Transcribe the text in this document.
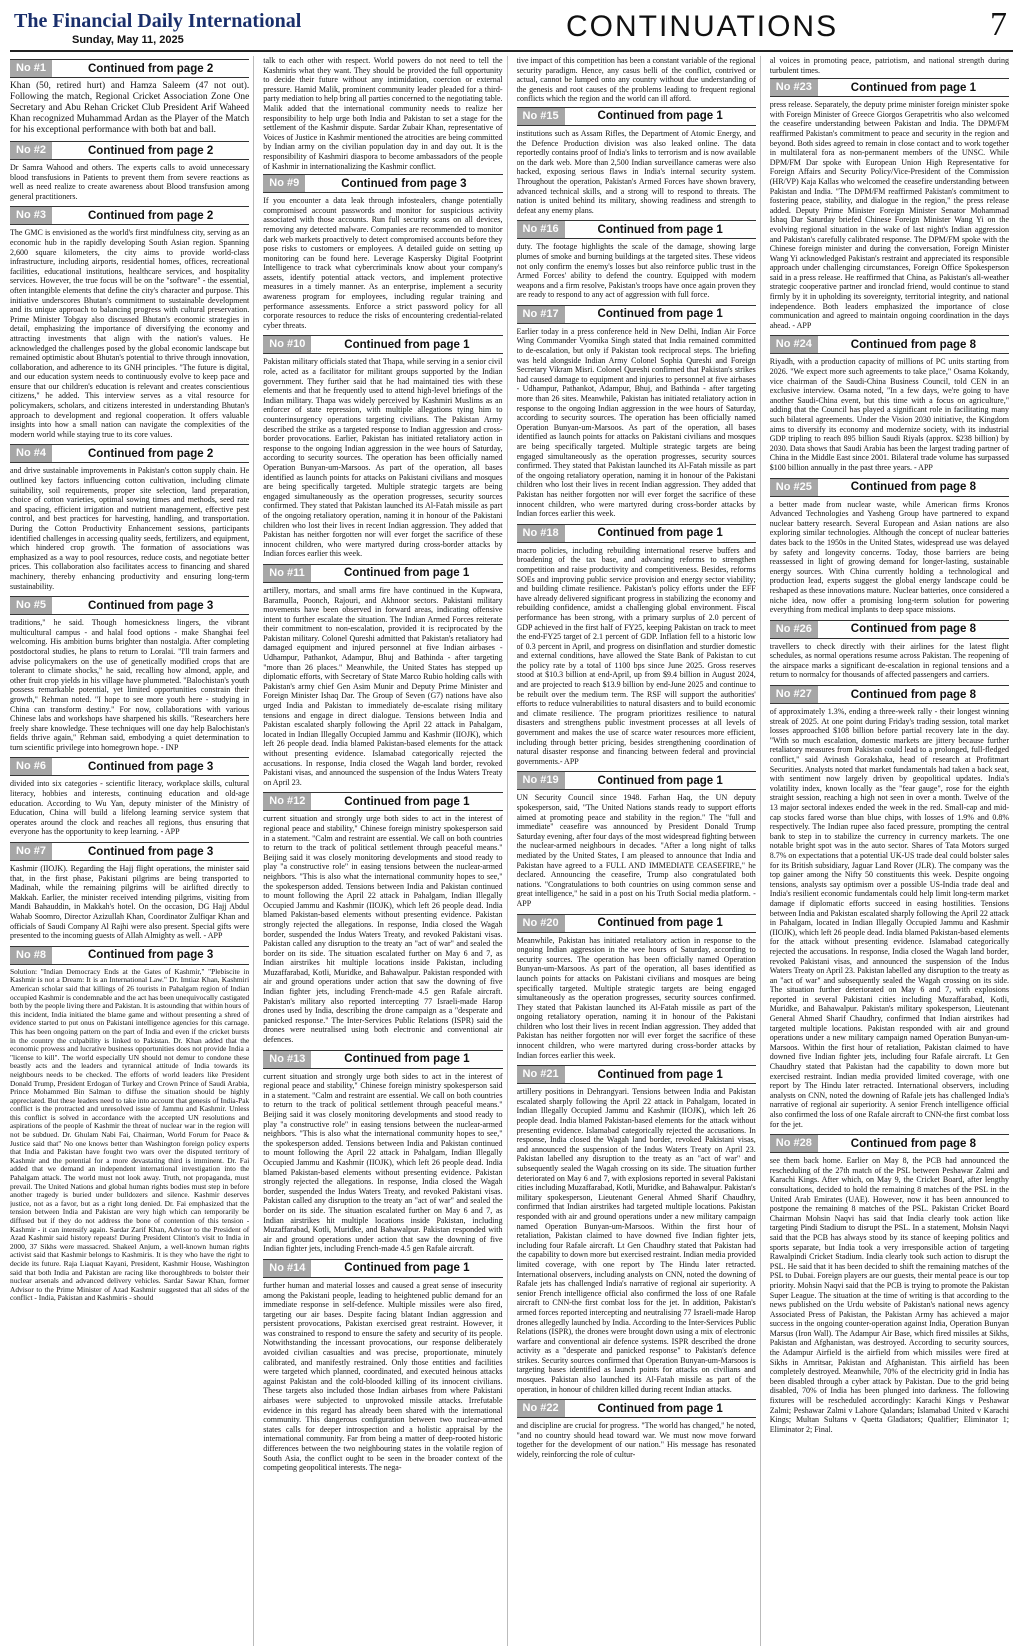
The Financial Daily International
Sunday, May 11, 2025	CONTINUATIONS	7
No #1	Continued from page 2

Khan (50, retired hurt) and Hamza Saleem (47 not out). Following the match, Regional Cricket Association Zone One Secretary and Abu Rehan Cricket Club President Arif Waheed Khan recognized Muhammad Ardan as the Player of the Match for his exceptional performance with both bat and ball.

No #2	Continued from page 2

Dr Samra Wahood and others. The experts calls to avoid unnecessary blood transfusions in Patients to prevent them from severe reactions as well as need realize to create awareness about Blood transfusion among general practitioners.

No #3	Continued from page 2

The GMC is envisioned as the world's first mindfulness city, serving as an economic hub in the rapidly developing South Asian region. Spanning 2,600 square kilometers, the city aims to provide world-class infrastructure, including airports, residential homes, offices, recreational facilities, educational institutions, healthcare services, and hospitality services. However, the true focus will be on the "software" - the essential, often intangible elements that define the city's character and purpose. This initiative underscores Bhutan's commitment to sustainable development and its unique approach to balancing progress with cultural preservation. Prime Minister Tobgay also discussed Bhutan's economic strategies in detail, emphasizing the importance of diversifying the economy and attracting investments that align with the nation's values. He acknowledged the challenges posed by the global economic landscape but remained optimistic about Bhutan's potential to thrive through innovation, collaboration, and adherence to its GNH principles. "The future is digital, and our education system needs to continuously evolve to keep pace and ensure that our children's education is relevant and creates conscientious citizens," he added. This interview serves as a vital resource for policymakers, scholars, and citizens interested in understanding Bhutan's approach to development and regional cooperation. It offers valuable insights into how a small nation can navigate the complexities of the modern world while staying true to its core values.

No #4	Continued from page 2

and drive sustainable improvements in Pakistan's cotton supply chain. He outlined key factors influencing cotton cultivation, including climate suitability, soil requirements, proper site selection, land preparation, choice of cotton varieties, optimal sowing times and methods, seed rate and spacing, efficient irrigation and nutrient management, effective pest control, and best practices for harvesting, handling, and transportation. During the Cotton Productivity Enhancement sessions, participants identified challenges in accessing quality seeds, fertilizers, and equipment, which hindered crop growth. The formation of associations was emphasized as a way to pool resources, reduce costs, and negotiate better prices. This collaboration also facilitates access to financing and shared machinery, thereby enhancing productivity and ensuring long-term sustainability.

No #5	Continued from page 3

traditions," he said. Though homesickness lingers, the vibrant multicultural campus - and halal food options - make Shanghai feel welcoming. His ambition burns brighter than nostalgia. After completing postdoctoral studies, he plans to return to Loralai. "I'll train farmers and advise policymakers on the use of genetically modified crops that are tolerant to climate shocks," he said, recalling how almond, apple, and other fruit crop yields in his village have plummeted. "Balochistan's youth possess remarkable potential, yet limited opportunities constrain their growth," Rehman noted. "I hope to see more youth here - studying in China can transform destiny." For now, collaborations with various Chinese labs and workshops have sharpened his skills. "Researchers here freely share knowledge. These techniques will one day help Balochistan's fields thrive again," Rehman said, embodying a quiet determination to turn scientific privilege into homegrown hope. - INP

No #6	Continued from page 3

divided into six categories - scientific literacy, workplace skills, cultural literacy, hobbies and interests, continuing education and old-age education. According to Wu Yan, deputy minister of the Ministry of Education, China will build a lifelong learning service system that operates around the clock and reaches all regions, thus ensuring that everyone has the opportunity to keep learning. - APP

No #7	Continued from page 3

Kashmir (IIOJK). Regarding the Hajj flight operations, the minister said that, in the first phase, Pakistani pilgrims are being transported to Madinah, while the remaining pilgrims will be airlifted directly to Makkah. Earlier, the minister received intending pilgrims, visiting from Mandi Bahauddin, in Makkah's hotel. On the occasion, DG Hajj Abdul Wahab Soomro, Director Azizullah Khan, Coordinator Zulfiqar Khan and officials of Saudi Company Al Rajhi were also present. Special gifts were presented to the incoming guests of Allah Almighty as well. - APP

No #8	Continued from page 3

Solution: "Indian Democracy Ends at the Gates of Kashmir," "Plebiscite in Kashmir is not a Dream: It is an International Law." Dr. Imtiaz Khan, Kashmiri American scholar said that killings of 26 tourists in Pahalgam region of Indian occupied Kashmir is condemnable and the act has been unequivocally castigated both by the people living there and Pakistan. It is astounding that within hours of this incident, India initiated the blame game and without presenting a shred of evidence started to put onus on Pakistani intelligence agencies for this carnage. This has been ongoing pattern on the part of India and even if the cricket bursts in the country the culpability is linked to Pakistan. Dr. Khan added that the economic prowess and lucrative business opportunities does not provide India a "license to kill". The world especially UN should not demur to condone these beastly acts and the leaders and tyrannical attitude of India towards its neighbours needs to be checked. The efforts of world leaders like President Donald Trump, President Erdogan of Turkey and Crown Prince of Saudi Arabia, Prince Mohammed Bin Salman to diffuse the situation should be highly appreciated. But these leaders need to take into account that genesis of India-Pak conflict is the protracted and unresolved issue of Jammu and Kashmir. Unless this conflict is solved in accordance with the accepted UN resolutions and aspirations of the people of Kashmir the threat of nuclear war in the region will not be subdued. Dr. Ghulam Nabi Fai, Chairman, World Forum for Peace & Justice said that" No one knows better than Washington foreign policy experts that India and Pakistan have fought two wars over the disputed territory of Kashmir and the potential for a more devastating third is imminent. Dr. Fai added that we demand an independent international investigation into the Pahalgam attack. The world must not look away. Truth, not propaganda, must prevail. The United Nations and global human rights bodies must step in before another tragedy is buried under bulldozers and silence. Kashmir deserves justice, not as a favor, but as a right long denied. Dr. Fai emphasized that the tension between India and Pakistan are very high which can temporarily be diffused but if they do not address the bone of contention of this tension - Kashmir - it can intensify again. Sardar Zarif Khan, Advisor to the President of Azad Kashmir said history repeats! During President Clinton's visit to India in 2000, 37 Sikhs were massacred. Shakeel Anjum, a well-known human rights activist said that Kashmir belongs to Kashmiris. It is they who have the right to decide its future. Raja Liaquat Kayani, President, Kashmir House, Washington said that both India and Pakistan are racing like thoroughbreds to bolster their nuclear arsenals and advanced delivery vehicles. Sardar Sawar Khan, former Advisor to the Prime Minister of Azad Kashmir suggested that all sides of the conflict - India, Pakistan and Kashmiris - should

talk to each other with respect. World powers do not need to tell the Kashmiris what they want. They should be provided the full opportunity to decide their future without any intimidation, coercion or external pressure. Hamid Malik, prominent community leader pleaded for a third-party mediation to help bring all parties concerned to the negotiating table. Malik added that the international community needs to realize her responsibility to help urge both India and Pakistan to set a stage for the settlement of the Kashmir dispute. Sardar Zubair Khan, representative of Voices of Justice in Kashmir mentioned the atrocities are being committed by Indian army on the civilian population day in and day out. It is the responsibility of Kashmiri diaspora to become ambassadors of the people of Kashmir in internationalizing the Kashmir conflict.

No #9	Continued from page 3

If you encounter a data leak through infostealers, change potentially compromised account passwords and monitor for suspicious activity associated with those accounts. Run full security scans on all devices, removing any detected malware. Companies are recommended to monitor dark web markets proactively to detect compromised accounts before they pose risks to customers or employees. A detailed guide on setting up monitoring can be found here. Leverage Kaspersky Digital Footprint Intelligence to track what cybercriminals know about your company's assets, identify potential attack vectors, and implement protective measures in a timely manner. As an enterprise, implement a security awareness program for employees, including regular training and performance assessments. Enforce a strict password policy for all corporate resources to reduce the risks of encountering credential-related cyber threats.

No #10	Continued from page 1

Pakistan military officials stated that Thapa, while serving in a senior civil role, acted as a facilitator for militant groups supported by the Indian government. They further said that he had maintained ties with these elements and that he frequently used to attend high-level briefings of the Indian military. Thapa was widely perceived by Kashmiri Muslims as an enforcer of state repression, with multiple allegations tying him to counterinsurgency operations targeting civilians. The Pakistan Army described the strike as a targeted response to Indian aggression and cross-border provocations. Earlier, Pakistan has initiated retaliatory action in response to the ongoing Indian aggression in the wee hours of Saturday, according to security sources. The operation has been officially named Operation Bunyan-um-Marsoos. As part of the operation, all bases identified as launch points for attacks on Pakistani civilians and mosques are being specifically targeted. Multiple strategic targets are being engaged simultaneously as the operation progresses, security sources confirmed. They stated that Pakistan launched its Al-Fatah missile as part of the ongoing retaliatory operation, naming it in honour of the Pakistani children who lost their lives in recent Indian aggression. They added that Pakistan has neither forgotten nor will ever forget the sacrifice of these innocent children, who were martyred during cross-border attacks by Indian forces earlier this week.

No #11	Continued from page 1

artillery, mortars, and small arms fire have continued in the Kupwara, Baramulla, Poonch, Rajouri, and Akhnoor sectors. Pakistani military movements have been observed in forward areas, indicating offensive intent to further escalate the situation. The Indian Armed Forces reiterate their commitment to non-escalation, provided it is reciprocated by the Pakistan military. Colonel Qureshi admitted that Pakistan's retaliatory had damaged equipment and injured personnel at five Indian airbases - Udhampur, Pathankot, Adampur, Bhuj and Bathinda - after targeting "more than 26 places." Meanwhile, the United States has stepped up diplomatic efforts, with Secretary of State Marco Rubio holding calls with Pakistan's army chief Gen Asim Munir and Deputy Prime Minister and Foreign Minister Ishaq Dar. The Group of Seven (G7) nations have also urged India and Pakistan to immediately de-escalate rising military tensions and engage in direct dialogue. Tensions between India and Pakistan escalated sharply following the April 22 attack in Pahalgam, located in Indian Illegally Occupied Jammu and Kashmir (IIOJK), which left 26 people dead. India blamed Pakistan-based elements for the attack without presenting evidence. Islamabad categorically rejected the accusations. In response, India closed the Wagah land border, revoked Pakistani visas, and announced the suspension of the Indus Waters Treaty on April 23.

No #12	Continued from page 1

current situation and strongly urge both sides to act in the interest of regional peace and stability," Chinese foreign ministry spokesperson said in a statement. "Calm and restraint are essential. We call on both countries to return to the track of political settlement through peaceful means." Beijing said it was closely monitoring developments and stood ready to play "a constructive role" in easing tensions between the nuclear-armed neighbors. "This is also what the international community hopes to see," the spokesperson added. Tensions between India and Pakistan continued to mount following the April 22 attack in Pahalgam, Indian Illegally Occupied Jammu and Kashmir (IIOJK), which left 26 people dead. India blamed Pakistan-based elements without presenting evidence. Pakistan strongly rejected the allegations. In response, India closed the Wagah border, suspended the Indus Waters Treaty, and revoked Pakistani visas. Pakistan called any disruption to the treaty an "act of war" and sealed the border on its side. The situation escalated further on May 6 and 7, as Indian airstrikes hit multiple locations inside Pakistan, including Muzaffarabad, Kotli, Muridke, and Bahawalpur. Pakistan responded with air and ground operations under action that saw the downing of five Indian fighter jets, including French-made 4.5 gen Rafale aircraft. Pakistan's military also reported intercepting 77 Israeli-made Harop drones used by India, describing the drone campaign as a "desperate and panicked response." The Inter-Services Public Relations (ISPR) said the drones were neutralised using both electronic and conventional air defences.

No #13	Continued from page 1

current situation and strongly urge both sides to act in the interest of regional peace and stability," Chinese foreign ministry spokesperson said in a statement. "Calm and restraint are essential. We call on both countries to return to the track of political settlement through peaceful means." Beijing said it was closely monitoring developments and stood ready to play "a constructive role" in easing tensions between the nuclear-armed neighbors. "This is also what the international community hopes to see," the spokesperson added. Tensions between India and Pakistan continued to mount following the April 22 attack in Pahalgam, Indian Illegally Occupied Jammu and Kashmir (IIOJK), which left 26 people dead. India blamed Pakistan-based elements without presenting evidence. Pakistan strongly rejected the allegations. In response, India closed the Wagah border, suspended the Indus Waters Treaty, and revoked Pakistani visas. Pakistan called any disruption to the treaty an "act of war" and sealed the border on its side. The situation escalated further on May 6 and 7, as Indian airstrikes hit multiple locations inside Pakistan, including Muzaffarabad, Kotli, Muridke, and Bahawalpur. Pakistan responded with air and ground operations under action that saw the downing of five Indian fighter jets, including French-made 4.5 gen Rafale aircraft.

No #14	Continued from page 1

further human and material losses and caused a great sense of insecurity among the Pakistani people, leading to heightened public demand for an immediate response in self-defence. Multiple missiles were also fired, targeting our air bases. Despite facing blatant Indian aggression and persistent provocations, Pakistan exercised great restraint. However, it was constrained to respond to ensure the safety and security of its people. Notwithstanding the incessant provocations, our response deliberately avoided civilian casualties and was precise, proportionate, minutely calibrated, and manifestly restrained. Only those entities and facilities were targeted which planned, coordinated, and executed heinous attacks against Pakistan and the cold-blooded killing of its innocent civilians. These targets also included those Indian airbases from where Pakistani airbases were subjected to unprovoked missile attacks. Irrefutable evidence in this regard has already been shared with the international community. This dangerous configuration between two nuclear-armed states calls for deeper introspection and a holistic appraisal by the international community. Far from being a matter of deep-rooted historic differences between the two neighbouring states in the volatile region of South Asia, the conflict ought to be seen in the broader context of the competing geopolitical interests. The nega-

tive impact of this competition has been a constant variable of the regional security paradigm. Hence, any casus belli of the conflict, contrived or actual, cannot be lumped onto any country without due understanding of the genesis and root causes of the problems leading to frequent regional conflicts which the region and the world can ill afford.

No #15	Continued from page 1

institutions such as Assam Rifles, the Department of Atomic Energy, and the Defence Production division was also leaked online. The data reportedly contains proof of India's links to terrorism and is now available on the dark web. More than 2,500 Indian surveillance cameras were also hacked, exposing serious flaws in India's internal security system. Throughout the operation, Pakistan's Armed Forces have shown bravery, advanced technical skills, and a strong will to respond to threats. The nation is united behind its military, showing readiness and strength to defeat any enemy plans.

No #16	Continued from page 1

duty. The footage highlights the scale of the damage, showing large plumes of smoke and burning buildings at the targeted sites. These videos not only confirm the enemy's losses but also reinforce public trust in the Armed Forces' ability to defend the country. Equipped with modern weapons and a firm resolve, Pakistan's troops have once again proven they are ready to respond to any act of aggression with full force.

No #17	Continued from page 1

Earlier today in a press conference held in New Delhi, Indian Air Force Wing Commander Vyomika Singh stated that India remained committed to de-escalation, but only if Pakistan took reciprocal steps. The briefing was held alongside Indian Army Colonel Sophia Qureshi and Foreign Secretary Vikram Misri. Colonel Qureshi confirmed that Pakistan's strikes had caused damage to equipment and injuries to personnel at five airbases - Udhampur, Pathankot, Adampur, Bhuj, and Bathinda - after targeting more than 26 sites. Meanwhile, Pakistan has initiated retaliatory action in response to the ongoing Indian aggression in the wee hours of Saturday, according to security sources. The operation has been officially named Operation Bunyan-um-Marsoos. As part of the operation, all bases identified as launch points for attacks on Pakistani civilians and mosques are being specifically targeted. Multiple strategic targets are being engaged simultaneously as the operation progresses, security sources confirmed. They stated that Pakistan launched its Al-Fatah missile as part of the ongoing retaliatory operation, naming it in honour of the Pakistani children who lost their lives in recent Indian aggression. They added that Pakistan has neither forgotten nor will ever forget the sacrifice of these innocent children, who were martyred during cross-border attacks by Indian forces earlier this week.

No #18	Continued from page 1

macro policies, including rebuilding international reserve buffers and broadening of the tax base, and advancing reforms to strengthen competition and raise productivity and competitiveness. Besides, reforms SOEs and improving public service provision and energy sector viability; and building climate resilience. Pakistan's policy efforts under the EFF have already delivered significant progress in stabilizing the economy and rebuilding confidence, amidst a challenging global environment. Fiscal performance has been strong, with a primary surplus of 2.0 percent of GDP achieved in the first half of FY25, keeping Pakistan on track to meet the end-FY25 target of 2.1 percent of GDP. Inflation fell to a historic low of 0.3 percent in April, and progress on disinflation and sturdier domestic and external conditions, have allowed the State Bank of Pakistan to cut the policy rate by a total of 1100 bps since June 2025. Gross reserves stood at $10.3 billion at end-April, up from $9.4 billion in August 2024, and are projected to reach $13.9 billion by end-June 2025 and continue to be rebuilt over the medium term. The RSF will support the authorities' efforts to reduce vulnerabilities to natural disasters and to build economic and climate resilience. The program prioritizes resilience to natural disasters and strengthens public investment processes at all levels of government and makes the use of scarce water resources more efficient, including through better pricing, besides strengthening coordination of natural disaster response and financing between federal and provincial governments.- APP

No #19	Continued from page 1

UN Security Council since 1948. Farhan Haq, the UN deputy spokesperson, said, "The United Nations stands ready to support efforts aimed at promoting peace and stability in the region." The "full and immediate" ceasefire was announced by President Donald Trump Saturday evening, after four days of the most widespread fighting between the nuclear-armed neighbours in decades. "After a long night of talks mediated by the United States, I am pleased to announce that India and Pakistan have agreed to a FULL AND IMMEDIATE CEASEFIRE," he declared. Announcing the ceasefire, Trump also congratulated both nations. "Congratulations to both countries on using common sense and great intelligence," he said in a post on his Truth Social media platform. - APP

No #20	Continued from page 1

Meanwhile, Pakistan has initiated retaliatory action in response to the ongoing Indian aggression in the wee hours of Saturday, according to security sources. The operation has been officially named Operation Bunyan-um-Marsoos. As part of the operation, all bases identified as launch points for attacks on Pakistani civilians and mosques are being specifically targeted. Multiple strategic targets are being engaged simultaneously as the operation progresses, security sources confirmed. They stated that Pakistan launched its Al-Fatah missile as part of the ongoing retaliatory operation, naming it in honour of the Pakistani children who lost their lives in recent Indian aggression. They added that Pakistan has neither forgotten nor will ever forget the sacrifice of these innocent children, who were martyred during cross-border attacks by Indian forces earlier this week.

No #21	Continued from page 1

artillery positions in Dehrangyari. Tensions between India and Pakistan escalated sharply following the April 22 attack in Pahalgam, located in Indian Illegally Occupied Jammu and Kashmir (IIOJK), which left 26 people dead. India blamed Pakistan-based elements for the attack without presenting evidence. Islamabad categorically rejected the accusations. In response, India closed the Wagah land border, revoked Pakistani visas, and announced the suspension of the Indus Waters Treaty on April 23. Pakistan labelled any disruption to the treaty as an "act of war" and subsequently sealed the Wagah crossing on its side. The situation further deteriorated on May 6 and 7, with explosions reported in several Pakistani cities including Muzaffarabad, Kotli, Muridke, and Bahawalpur. Pakistan's military spokesperson, Lieutenant General Ahmed Sharif Chaudhry, confirmed that Indian airstrikes had targeted multiple locations. Pakistan responded with air and ground operations under a new military campaign named Operation Bunyan-um-Marsoos. Within the first hour of retaliation, Pakistan claimed to have downed five Indian fighter jets, including four Rafale aircraft. Lt Gen Chaudhry stated that Pakistan had the capability to down more but exercised restraint. Indian media provided limited coverage, with one report by The Hindu later retracted. International observers, including analysts on CNN, noted the downing of Rafale jets has challenged India's narrative of regional air superiority. A senior French intelligence official also confirmed the loss of one Rafale aircraft to CNN-the first combat loss for the jet. In addition, Pakistan's armed forces reported intercepting and neutralising 77 Israeli-made Harop drones allegedly launched by India. According to the Inter-Services Public Relations (ISPR), the drones were brought down using a mix of electronic warfare and conventional air defence systems. ISPR described the drone activity as a "desperate and panicked response" to Pakistan's defence strikes. Security sources confirmed that Operation Bunyan-um-Marsoos is targeting bases identified as launch points for attacks on civilians and mosques. Pakistan also launched its Al-Fatah missile as part of the operation, in honour of children killed during recent Indian attacks.

No #22	Continued from page 1

and discipline are crucial for progress. "The world has changed," he noted, "and no country should head toward war. We must now move forward together for the development of our nation." His message has resonated widely, reinforcing the role of cultur-

al voices in promoting peace, patriotism, and national strength during turbulent times.

No #23	Continued from page 1

press release. Separately, the deputy prime minister foreign minister spoke with Foreign Minister of Greece Giorgos Gerapetritis who also welcomed the ceasefire understanding between Pakistan and India. The DPM/FM reaffirmed Pakistan's commitment to peace and security in the region and beyond. Both sides agreed to remain in close contact and to work together in multilateral fora as non-permanent members of the UNSC. While DPM/FM Dar spoke with European Union High Representative for Foreign Affairs and Security Policy/Vice-President of the Commission (HR/VP) Kaja Kallas who welcomed the ceasefire understanding between Pakistan and India. "The DPM/FM reaffirmed Pakistan's commitment to fostering peace, stability, and dialogue in the region," the press release added. Deputy Prime Minister Foreign Minister Senator Mohammad Ishaq Dar Saturday briefed Chinese Foreign Minister Wang Yi on the evolving regional situation in the wake of last night's Indian aggression and Pakistan's carefully calibrated response. The DPM/FM spoke with the Chinese foreign minister and during the conversation, Foreign Minister Wang Yi acknowledged Pakistan's restraint and appreciated its responsible approach under challenging circumstances, Foreign Office Spokesperson said in a press release. He reaffirmed that China, as Pakistan's all-weather strategic cooperative partner and ironclad friend, would continue to stand firmly by it in upholding its sovereignty, territorial integrity, and national independence. Both leaders emphasized the importance of close communication and agreed to maintain ongoing coordination in the days ahead. - APP

No #24	Continued from page 8

Riyadh, with a production capacity of millions of PC units starting from 2026. "We expect more such agreements to take place," Osama Kokandy, vice chairman of the Saudi-China Business Council, told CEN in an exclusive interview. Osama noted, "In a few days, we're going to have another Saudi-China event, but this time with a focus on agriculture," adding that the Council has played a significant role in facilitating many such bilateral agreements. Under the Vision 2030 initiative, the Kingdom aims to diversify its economy and modernize society, with its industrial GDP tripling to reach 895 billion Saudi Riyals (approx. $238 billion) by 2030. Data shows that Saudi Arabia has been the largest trading partner of China in the Middle East since 2001. Bilateral trade volume has surpassed $100 billion annually in the past three years. - APP

No #25	Continued from page 8

a better made from nuclear waste, while American firms Kronos Advanced Technologies and Yasheng Group have partnered to expand nuclear battery research. Several European and Asian nations are also exploring similar technologies. Although the concept of nuclear batteries dates back to the 1950s in the United States, widespread use was delayed by safety and longevity concerns. Today, those barriers are being reassessed in light of growing demand for longer-lasting, sustainable energy sources. With China currently holding a technological and production lead, experts suggest the global energy landscape could be reshaped as these innovations mature. Nuclear batteries, once considered a niche idea, now offer a promising long-term solution for powering everything from medical implants to deep space missions.

No #26	Continued from page 8

travellers to check directly with their airlines for the latest flight schedules, as normal operations resume across Pakistan. The reopening of the airspace marks a significant de-escalation in regional tensions and a return to normalcy for thousands of affected passengers and carriers.

No #27	Continued from page 8

of approximately 1.3%, ending a three-week rally - their longest winning streak of 2025. At one point during Friday's trading session, total market losses approached $108 billion before partial recovery late in the day. "With so much escalation, domestic markets are jittery because further retaliatory measures from Pakistan could lead to a prolonged, full-fledged conflict," said Avinash Gorakshaka, head of research at Profitmart Securities. Analysts noted that market fundamentals had taken a back seat, with sentiment now largely driven by geopolitical updates. India's volatility index, known locally as the "fear gauge", rose for the eighth straight session, reaching a high not seen in over a month. Twelve of the 13 major sectoral indexes ended the week in the red. Small-cap and mid-cap stocks fared worse than blue chips, with losses of 1.9% and 0.8% respectively. The Indian rupee also faced pressure, prompting the central bank to step in to stabilize the currency in currency markets. The one notable bright spot was in the auto sector. Shares of Tata Motors surged 8.7% on expectations that a potential UK-US trade deal could bolster sales for its British subsidiary, Jaguar Land Rover (JLR). The company was the top gainer among the Nifty 50 constituents this week. Despite ongoing tensions, analysts say optimism over a possible US-India trade deal and India's resilient economic fundamentals could help limit long-term market damage if diplomatic efforts succeed in easing hostilities. Tensions between India and Pakistan escalated sharply following the April 22 attack in Pahalgam, located in Indian Illegally Occupied Jammu and Kashmir (IIOJK), which left 26 people dead. India blamed Pakistan-based elements for the attack without presenting evidence. Islamabad categorically rejected the accusations. In response, India closed the Wagah land border, revoked Pakistani visas, and announced the suspension of the Indus Waters Treaty on April 23. Pakistan labelled any disruption to the treaty as an "act of war" and subsequently sealed the Wagah crossing on its side. The situation further deteriorated on May 6 and 7, with explosions reported in several Pakistani cities including Muzaffarabad, Kotli, Muridke, and Bahawalpur. Pakistan's military spokesperson, Lieutenant General Ahmed Sharif Chaudhry, confirmed that Indian airstrikes had targeted multiple locations. Pakistan responded with air and ground operations under a new military campaign named Operation Bunyan-um-Marsoos. Within the first hour of retaliation, Pakistan claimed to have downed five Indian fighter jets, including four Rafale aircraft. Lt Gen Chaudhry stated that Pakistan had the capability to down more but exercised restraint. Indian media provided limited coverage, with one report by The Hindu later retracted. International observers, including analysts on CNN, noted the downing of Rafale jets has challenged India's narrative of regional air superiority. A senior French intelligence official also confirmed the loss of one Rafale aircraft to CNN-the first combat loss for the jet.

No #28	Continued from page 8

see them back home. Earlier on May 8, the PCB had announced the rescheduling of the 27th match of the PSL between Peshawar Zalmi and Karachi Kings. After which, on May 9, the Cricket Board, after lengthy consultations, decided to hold the remaining 8 matches of the PSL in the United Arab Emirates (UAE). However, now it has been announced to postpone the remaining 8 matches of the PSL. Pakistan Cricket Board Chairman Mohsin Naqvi has said that India clearly took action like targeting Pindi Stadium to disrupt the PSL. In a statement, Mohsin Naqvi said that the PCB has always stood by its stance of keeping politics and sports separate, but India took a very irresponsible action of targeting Rawalpindi Cricket Stadium. India clearly took such action to disrupt the PSL. He said that it has been decided to shift the remaining matches of the PSL to Dubai. Foreign players are our guests, their mental peace is our top priority. Mohsin Naqvi said that the PCB is trying to promote the Pakistan Super League. The situation at the time of writing is that according to the news published on the Urdu website of Pakistan's national news agency Associated Press of Pakistan, the Pakistan Army has achieved a major success in the ongoing counter-operation against India, Operation Bunyan Marsus (Iron Wall). The Adampur Air Base, which fired missiles at Sikhs, Pakistan and Afghanistan, was destroyed. According to security sources, the Adampur Airfield is the airfield from which missiles were fired at Sikhs in Amritsar, Pakistan and Afghanistan. This airfield has been completely destroyed. Meanwhile, 70% of the electricity grid in India has been disabled through a cyber attack by Pakistan. Due to the grid being disabled, 70% of India has been plunged into darkness. The following fixtures will be rescheduled accordingly: Karachi Kings v Peshawar Zalmi; Peshawar Zalmi v Lahore Qalandars; Islamabad United v Karachi Kings; Multan Sultans v Quetta Gladiators; Qualifier; Eliminator 1; Eliminator 2; Final.
